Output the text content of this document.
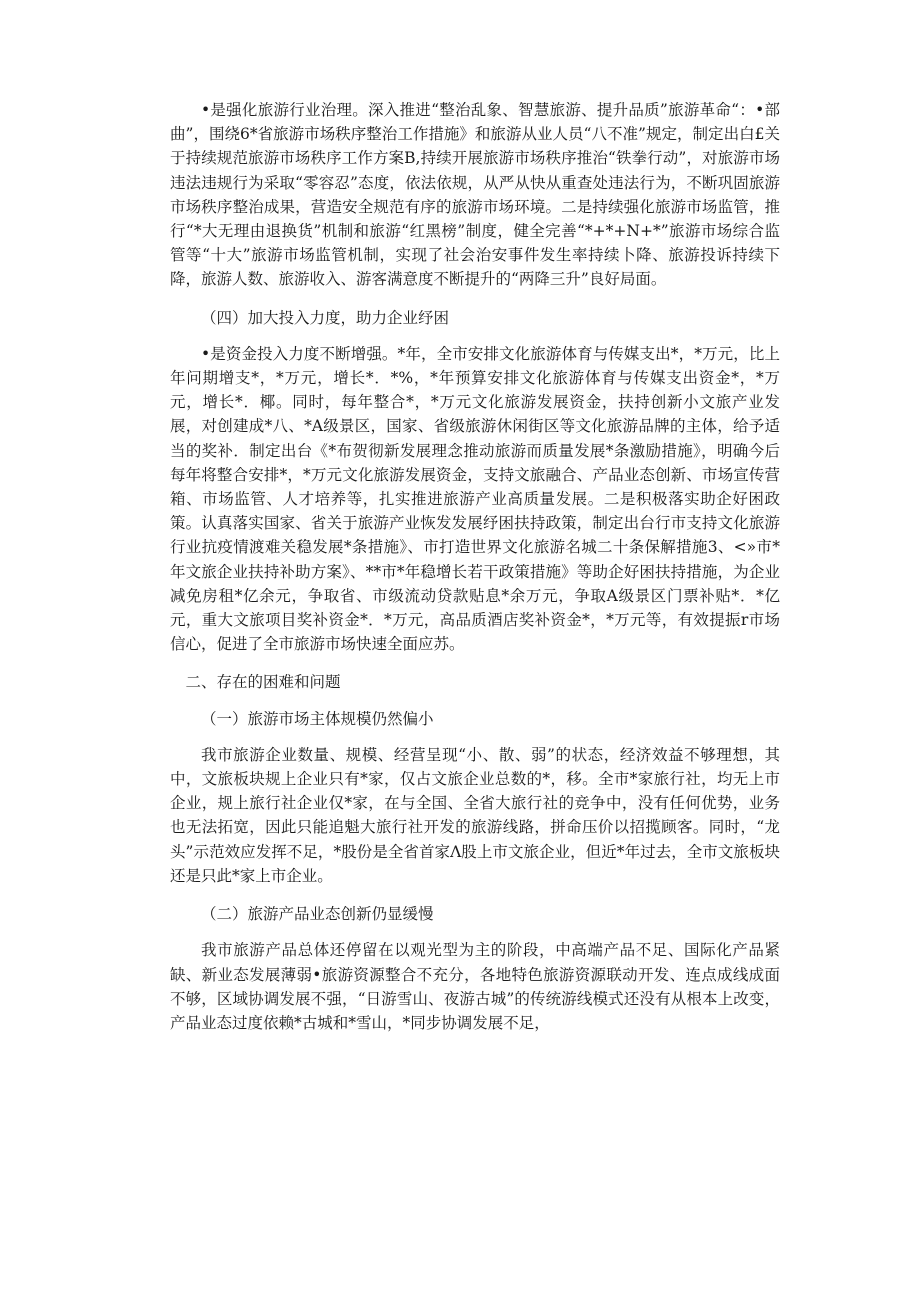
•是强化旅游行业治理。深入推进“整治乱象、智慧旅游、提升品质”旅游革命“：•部曲”，围绕6*省旅游市场秩序整治工作措施》和旅游从业人员“八不准”规定，制定出白£关于持续规范旅游市场秩序工作方案B,持续开展旅游市场秩序推治“铁拳行动”，对旅游市场违法违规行为采取“零容忍”态度，依法依规，从严从快从重查处违法行为，不断巩固旅游市场秩序整治成果，营造安全规范有序的旅游市场环境。二是持续强化旅游市场监管，推行“*大无理由退换货”机制和旅游“红黑榜”制度，健全完善“*+*+N+*”旅游市场综合监管等“十大”旅游市场监管机制，实现了社会治安事件发生率持续卜降、旅游投诉持续下降，旅游人数、旅游收入、游客满意度不断提升的“两降三升”良好局面。

（四）加大投入力度，助力企业纾困

•是资金投入力度不断增强。*年，全市安排文化旅游体育与传媒支出*，*万元，比上年问期增支*，*万元，增长*．*%，*年预算安排文化旅游体育与传媒支出资金*，*万元，增长*．椰。同时，每年整合*，*万元文化旅游发展资金，扶持创新小文旅产业发展，对创建成*八、*A级景区，国家、省级旅游休闲街区等文化旅游品牌的主体，给予适当的奖补．制定出台《*布贺彻新发展理念推动旅游而质量发展*条激励措施》，明确今后每年将整合安排*，*万元文化旅游发展资金，支持文旅融合、产品业态创新、市场宣传营箱、市场监管、人才培养等，扎实推进旅游产业高质量发展。二是积极落实助企好困政策。认真落实国家、省关于旅游产业恢发发展纾困扶持政策，制定出台行市支持文化旅游行业抗疫情渡难关稳发展*条措施》、市打造世界文化旅游名城二十条保解措施3、<»市*年文旅企业扶持补助方案》、**市*年稳增长若干政策措施》等助企好困扶持措施，为企业减免房租*亿余元，争取省、市级流动贷款贴息*余万元，争取A级景区门票补贴*．*亿元，重大文旅项目奖补资金*．*万元，高品质酒店奖补资金*，*万元等，有效提振r市场信心，促进了全市旅游市场快速全面应苏。

二、存在的困难和问题

（一）旅游市场主体规模仍然偏小

我市旅游企业数量、规模、经营呈现“小、散、弱”的状态，经济效益不够理想，其中，文旅板块规上企业只有*家，仅占文旅企业总数的*，移。全市*家旅行社，均无上市企业，规上旅行社企业仅*家，在与全国、全省大旅行社的竞争中，没有任何优势，业务也无法拓宽，因此只能追魁大旅行社开发的旅游线路，拼命压价以招揽顾客。同时，“龙头”示范效应发挥不足，*股份是全省首家Λ股上市文旅企业，但近*年过去，全市文旅板块还是只此*家上市企业。

（二）旅游产品业态创新仍显缓慢

我市旅游产品总体还停留在以观光型为主的阶段，中高端产品不足、国际化产品紧缺、新业态发展薄弱•旅游资源整合不充分，各地特色旅游资源联动开发、连点成线成面不够，区域协调发展不强，“日游雪山、夜游古城”的传统游线模式还没有从根本上改变，产品业态过度依赖*古城和*雪山，*同步协调发展不足，
